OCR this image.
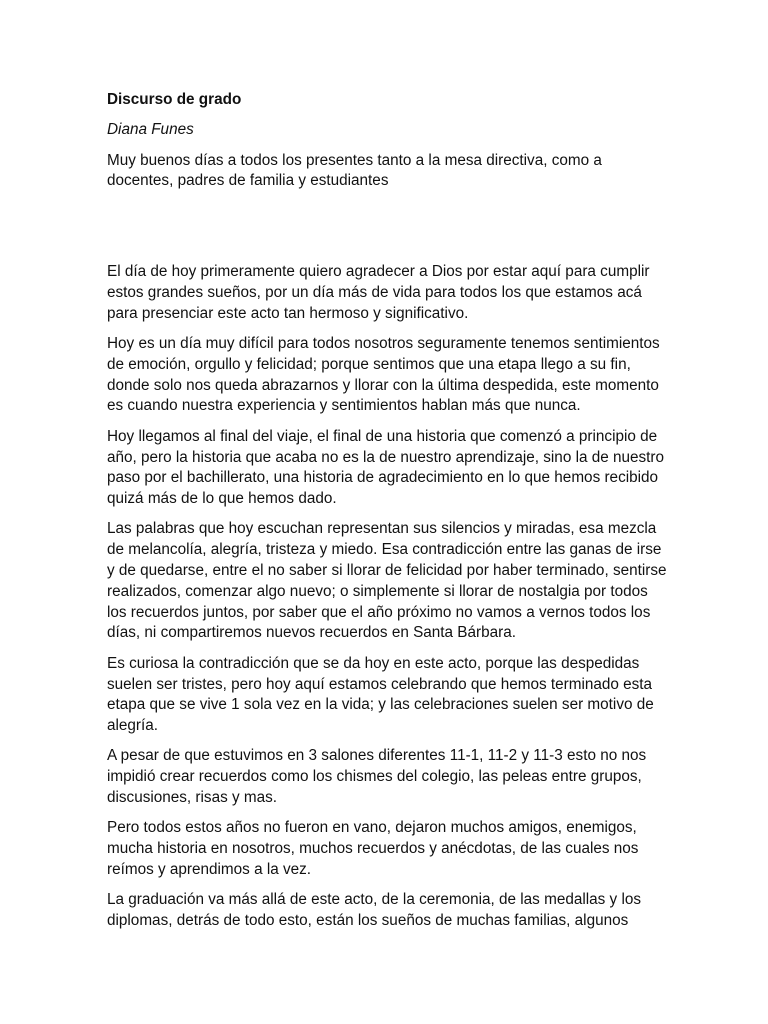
Discurso de grado

Diana Funes

Muy buenos días a todos los presentes tanto a la mesa directiva, como a docentes, padres de familia y estudiantes

El día de hoy primeramente quiero agradecer a Dios por estar aquí para cumplir estos grandes sueños, por un día más de vida para todos los que estamos acá para presenciar este acto tan hermoso y significativo.

Hoy es un día muy difícil para todos nosotros seguramente tenemos sentimientos de emoción, orgullo y felicidad; porque sentimos que una etapa llego a su fin, donde solo nos queda abrazarnos y llorar con la última despedida, este momento es cuando nuestra experiencia y sentimientos hablan más que nunca.

Hoy llegamos al final del viaje, el final de una historia que comenzó a principio de año, pero la historia que acaba no es la de nuestro aprendizaje, sino la de nuestro paso por el bachillerato, una historia de agradecimiento en lo que hemos recibido quizá más de lo que hemos dado.

Las palabras que hoy escuchan representan sus silencios y miradas, esa mezcla de melancolía, alegría, tristeza y miedo. Esa contradicción entre las ganas de irse y de quedarse, entre el no saber si llorar de felicidad por haber terminado, sentirse realizados, comenzar algo nuevo; o simplemente si llorar de nostalgia por todos los recuerdos juntos, por saber que el año próximo no vamos a vernos todos los días, ni compartiremos nuevos recuerdos en Santa Bárbara.

Es curiosa la contradicción que se da hoy en este acto, porque las despedidas suelen ser tristes, pero hoy aquí estamos celebrando que hemos terminado esta etapa que se vive 1 sola vez en la vida; y las celebraciones suelen ser motivo de alegría.

A pesar de que estuvimos en 3 salones diferentes 11-1, 11-2 y 11-3 esto no nos impidió crear recuerdos como los chismes del colegio, las peleas entre grupos, discusiones, risas y mas.

Pero todos estos años no fueron en vano, dejaron muchos amigos, enemigos, mucha historia en nosotros, muchos recuerdos y anécdotas, de las cuales nos reímos y aprendimos a la vez.

La graduación va más allá de este acto, de la ceremonia, de las medallas y los diplomas, detrás de todo esto, están los sueños de muchas familias, algunos
